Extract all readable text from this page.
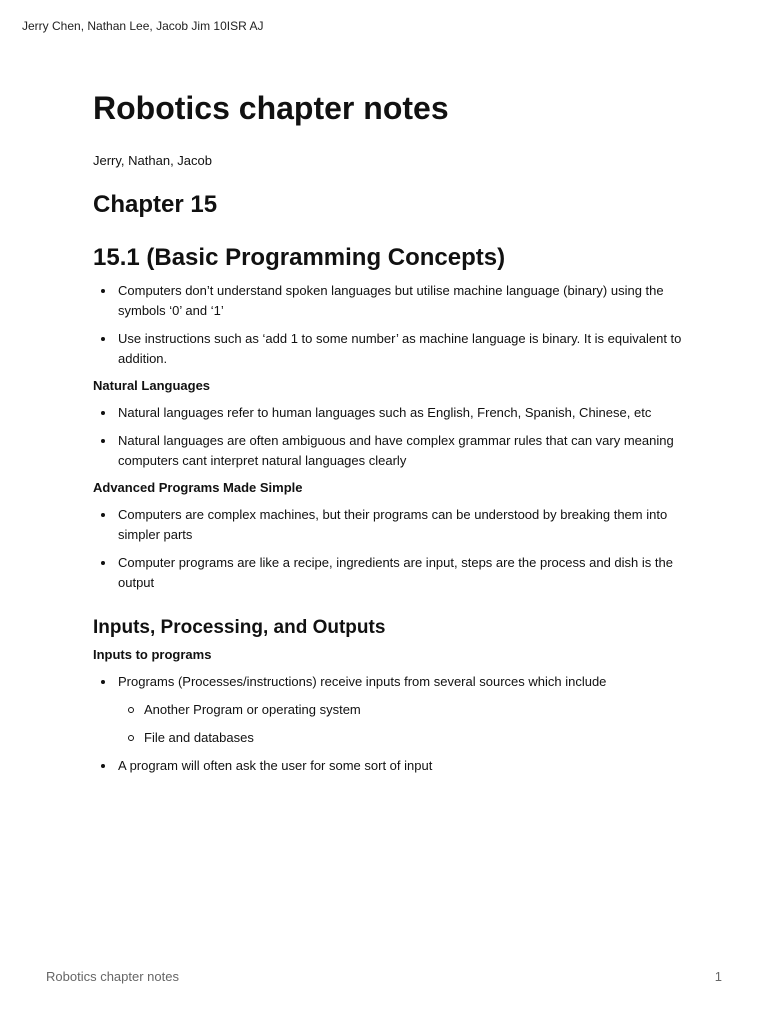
Jerry Chen, Nathan Lee, Jacob Jim 10ISR AJ
Robotics chapter notes

Jerry, Nathan, Jacob

Chapter 15
15.1 (Basic Programming Concepts)
Computers don’t understand spoken languages but utilise machine language (binary) using the symbols ‘0’ and ‘1’
Use instructions such as ‘add 1 to some number’ as machine language is binary. It is equivalent to addition.
Natural Languages
Natural languages refer to human languages such as English, French, Spanish, Chinese, etc
Natural languages are often ambiguous and have complex grammar rules that can vary meaning computers cant interpret natural languages clearly
Advanced Programs Made Simple
Computers are complex machines, but their programs can be understood by breaking them into simpler parts
Computer programs are like a recipe, ingredients are input, steps are the process and dish is the output
Inputs, Processing, and Outputs
Inputs to programs
Programs (Processes/instructions) receive inputs from several sources which include
Another Program or operating system
File and databases
A program will often ask the user for some sort of input
Robotics chapter notes	1
